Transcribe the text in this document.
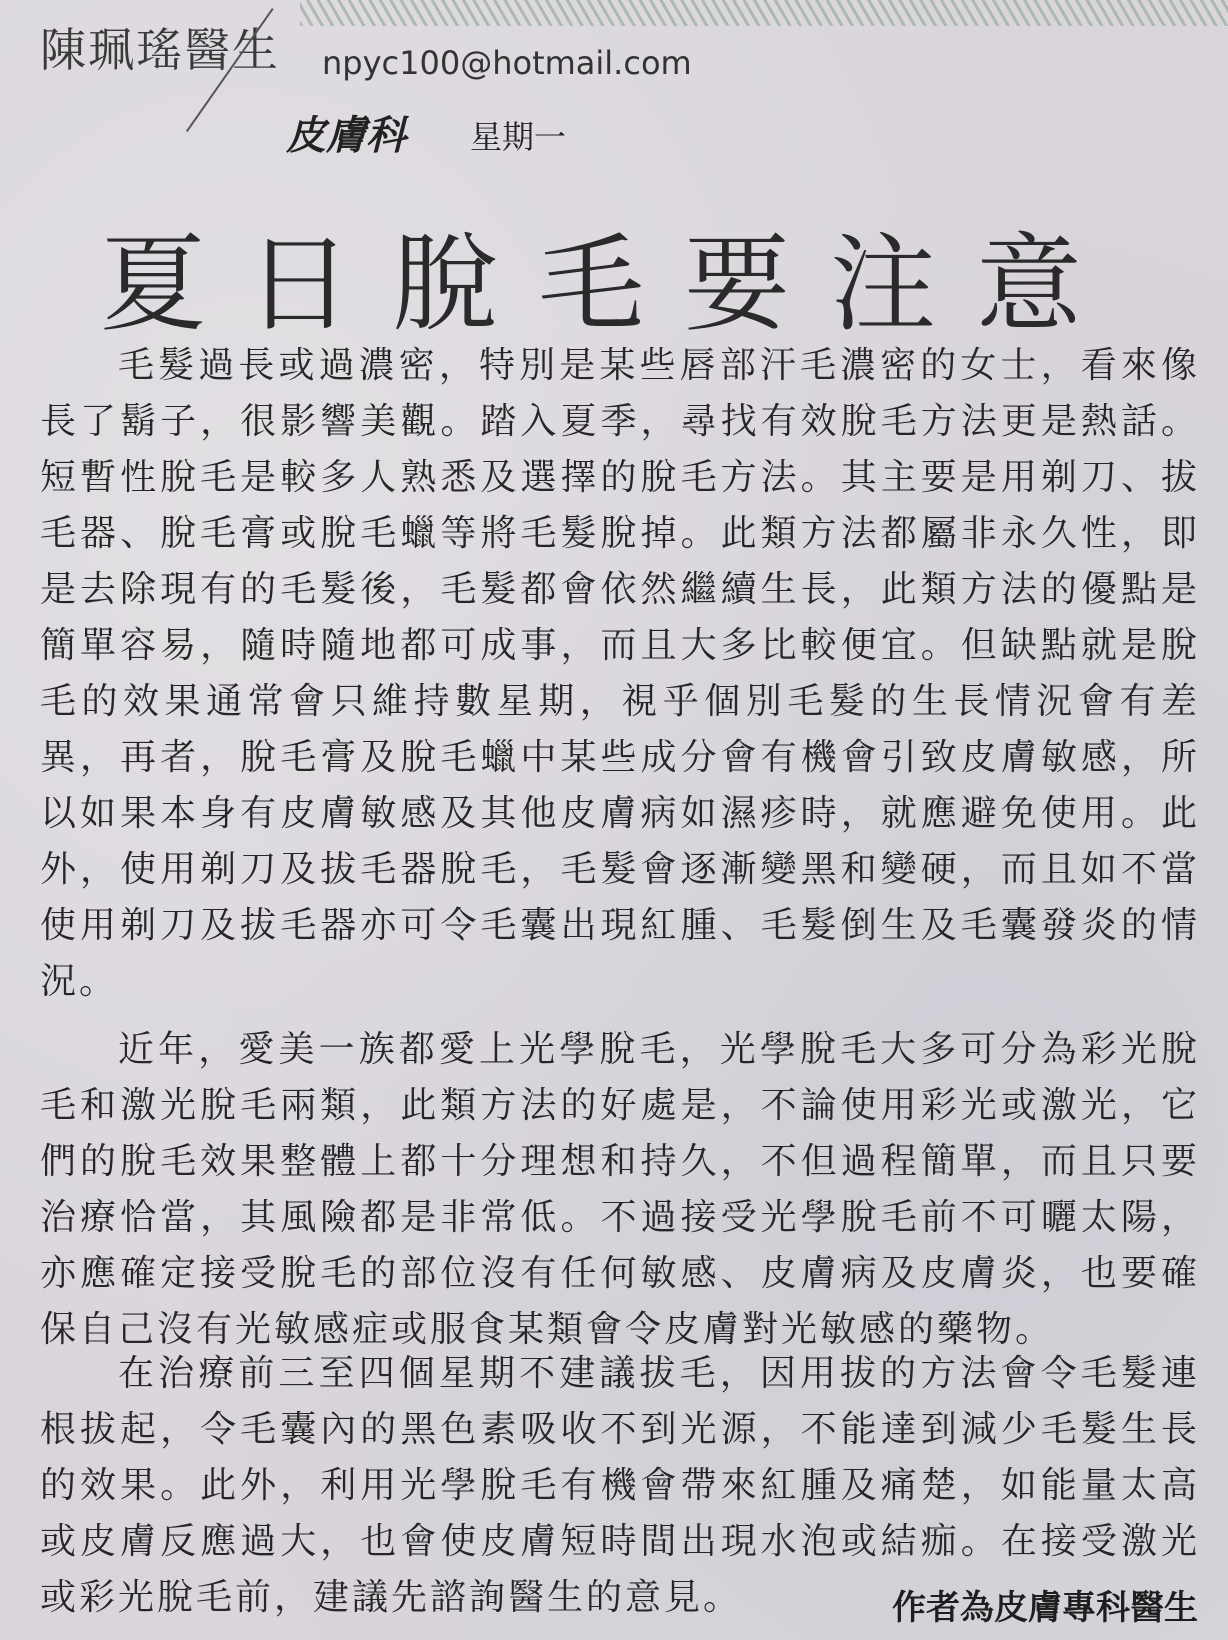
陳珮瑤醫生 npyc100@hotmail.com
皮膚科 星期一
夏日脫毛要注意

毛髮過長或過濃密，特別是某些唇部汗毛濃密的女士，看來像長了鬍子，很影響美觀。踏入夏季，尋找有效脫毛方法更是熱話。短暫性脫毛是較多人熟悉及選擇的脫毛方法。其主要是用剃刀、拔毛器、脫毛膏或脫毛蠟等將毛髮脫掉。此類方法都屬非永久性，即是去除現有的毛髮後，毛髮都會依然繼續生長，此類方法的優點是簡單容易，隨時隨地都可成事，而且大多比較便宜。但缺點就是脫毛的效果通常會只維持數星期，視乎個別毛髮的生長情況會有差異，再者，脫毛膏及脫毛蠟中某些成分會有機會引致皮膚敏感，所以如果本身有皮膚敏感及其他皮膚病如濕疹時，就應避免使用。此外，使用剃刀及拔毛器脫毛，毛髮會逐漸變黑和變硬，而且如不當使用剃刀及拔毛器亦可令毛囊出現紅腫、毛髮倒生及毛囊發炎的情況。

近年，愛美一族都愛上光學脫毛，光學脫毛大多可分為彩光脫毛和激光脫毛兩類，此類方法的好處是，不論使用彩光或激光，它們的脫毛效果整體上都十分理想和持久，不但過程簡單，而且只要治療恰當，其風險都是非常低。不過接受光學脫毛前不可曬太陽，亦應確定接受脫毛的部位沒有任何敏感、皮膚病及皮膚炎，也要確保自己沒有光敏感症或服食某類會令皮膚對光敏感的藥物。

在治療前三至四個星期不建議拔毛，因用拔的方法會令毛髮連根拔起，令毛囊內的黑色素吸收不到光源，不能達到減少毛髮生長的效果。此外，利用光學脫毛有機會帶來紅腫及痛楚，如能量太高或皮膚反應過大，也會使皮膚短時間出現水泡或結痂。在接受激光或彩光脫毛前，建議先諮詢醫生的意見。	作者為皮膚專科醫生
